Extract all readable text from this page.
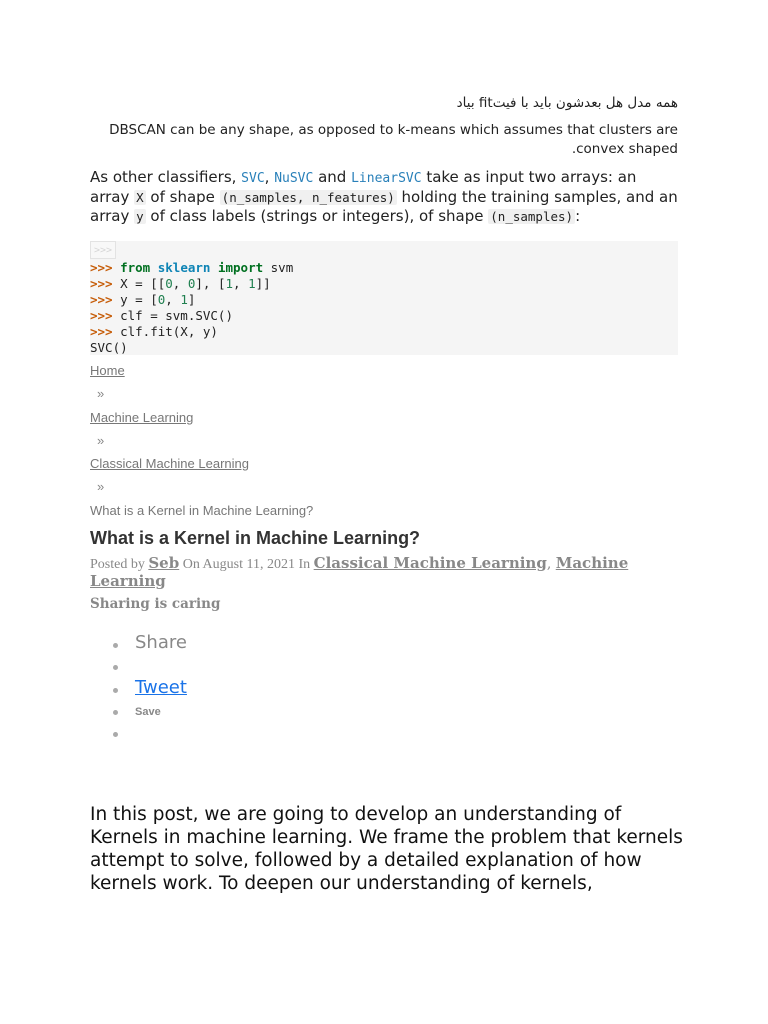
همه مدل هل بعدشون باید با فیتfit بیاد
DBSCAN can be any shape, as opposed to k-means which assumes that clusters are convex shaped.
As other classifiers, SVC, NuSVC and LinearSVC take as input two arrays: an array X of shape (n_samples, n_features) holding the training samples, and an array y of class labels (strings or integers), of shape (n_samples) :
>>>
>>> from sklearn import svm
>>> X = [[0, 0], [1, 1]]
>>> y = [0, 1]
>>> clf = svm.SVC()
>>> clf.fit(X, y)
SVC()
Home
»
Machine Learning
»
Classical Machine Learning
»
What is a Kernel in Machine Learning?
What is a Kernel in Machine Learning?
Posted by Seb On August 11, 2021 In Classical Machine Learning, Machine Learning
Sharing is caring
Share
Tweet
Save
In this post, we are going to develop an understanding of Kernels in machine learning. We frame the problem that kernels attempt to solve, followed by a detailed explanation of how kernels work. To deepen our understanding of kernels,
